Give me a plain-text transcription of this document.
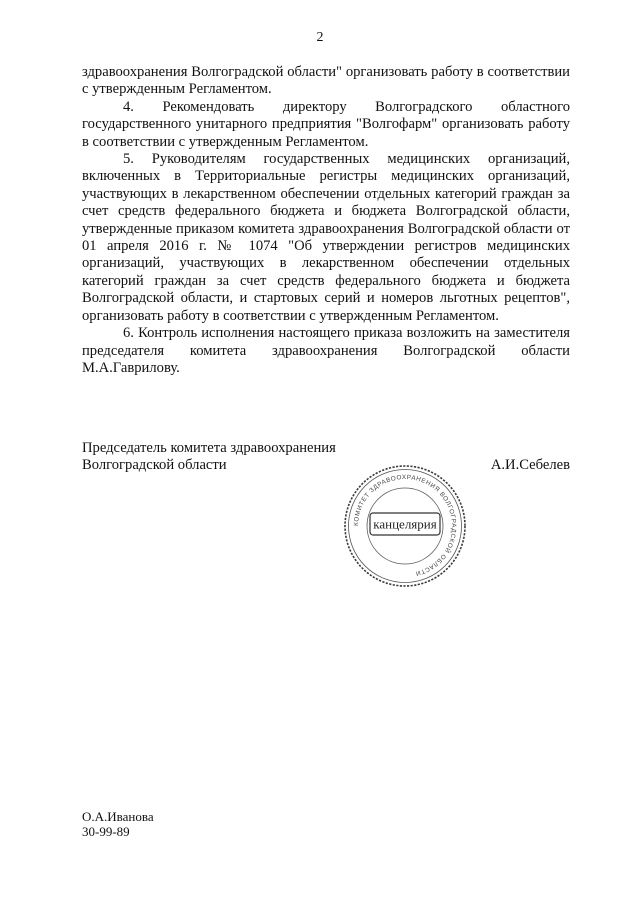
2

здравоохранения Волгоградской области" организовать работу в соответствии с утвержденным Регламентом.

4. Рекомендовать директору Волгоградского областного государственного унитарного предприятия "Волгофарм" организовать работу в соответствии с утвержденным Регламентом.

5. Руководителям государственных медицинских организаций, включенных в Территориальные регистры медицинских организаций, участвующих в лекарственном обеспечении отдельных категорий граждан за счет средств федерального бюджета и бюджета Волгоградской области, утвержденные приказом комитета здравоохранения Волгоградской области от 01 апреля 2016 г. № 1074 "Об утверждении регистров медицинских организаций, участвующих в лекарственном обеспечении отдельных категорий граждан за счет средств федерального бюджета и бюджета Волгоградской области, и стартовых серий и номеров льготных рецептов", организовать работу в соответствии с утвержденным Регламентом.

6. Контроль исполнения настоящего приказа возложить на заместителя председателя комитета здравоохранения Волгоградской области М.А.Гаврилову.

Председатель комитета здравоохранения
Волгоградской области	А.И.Себелев
КОМИТЕТ ЗДРАВООХРАНЕНИЯ ВОЛГОГРАДСКОЙ ОБЛАСТИ
канцелярия
О.А.Иванова
30-99-89
